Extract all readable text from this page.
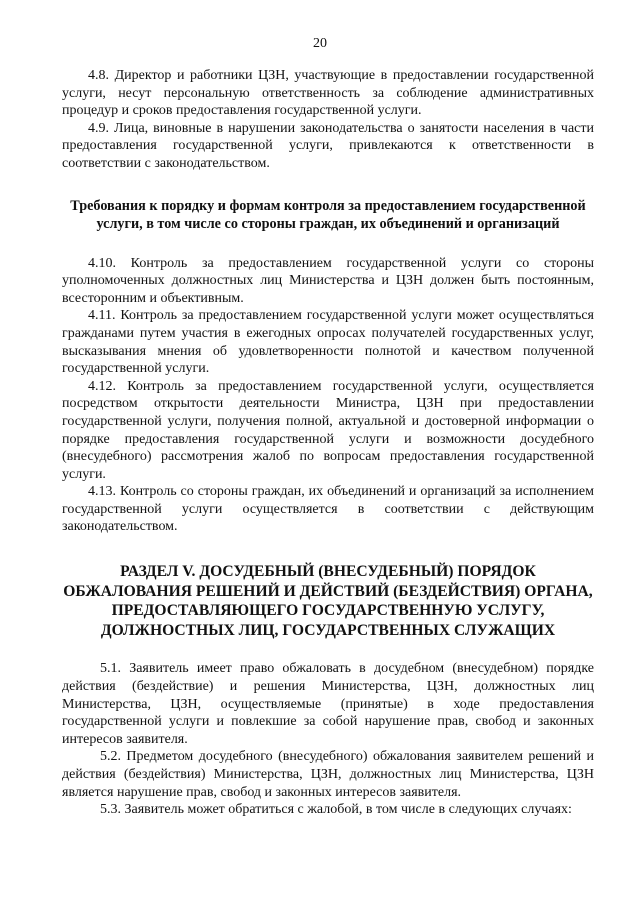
20

4.8. Директор и работники ЦЗН, участвующие в предоставлении государственной услуги, несут персональную ответственность за соблюдение административных процедур и сроков предоставления государственной услуги.

4.9. Лица, виновные в нарушении законодательства о занятости населения в части предоставления государственной услуги, привлекаются к ответственности в соответствии с законодательством.

Требования к порядку и формам контроля за предоставлением государственной услуги, в том числе со стороны граждан, их объединений и организаций

4.10. Контроль за предоставлением государственной услуги со стороны уполномоченных должностных лиц Министерства и ЦЗН должен быть постоянным, всесторонним и объективным.

4.11. Контроль за предоставлением государственной услуги может осуществляться гражданами путем участия в ежегодных опросах получателей государственных услуг, высказывания мнения об удовлетворенности полнотой и качеством полученной государственной услуги.

4.12. Контроль за предоставлением государственной услуги, осуществляется посредством открытости деятельности Министра, ЦЗН при предоставлении государственной услуги, получения полной, актуальной и достоверной информации о порядке предоставления государственной услуги и возможности досудебного (внесудебного) рассмотрения жалоб по вопросам предоставления государственной услуги.

4.13. Контроль со стороны граждан, их объединений и организаций за исполнением государственной услуги осуществляется в соответствии с действующим законодательством.

РАЗДЕЛ V. ДОСУДЕБНЫЙ (ВНЕСУДЕБНЫЙ) ПОРЯДОК ОБЖАЛОВАНИЯ РЕШЕНИЙ И ДЕЙСТВИЙ (БЕЗДЕЙСТВИЯ) ОРГАНА, ПРЕДОСТАВЛЯЮЩЕГО ГОСУДАРСТВЕННУЮ УСЛУГУ, ДОЛЖНОСТНЫХ ЛИЦ, ГОСУДАРСТВЕННЫХ СЛУЖАЩИХ

5.1. Заявитель имеет право обжаловать в досудебном (внесудебном) порядке действия (бездействие) и решения Министерства, ЦЗН, должностных лиц Министерства, ЦЗН, осуществляемые (принятые) в ходе предоставления государственной услуги и повлекшие за собой нарушение прав, свобод и законных интересов заявителя.

5.2. Предметом досудебного (внесудебного) обжалования заявителем решений и действия (бездействия) Министерства, ЦЗН, должностных лиц Министерства, ЦЗН является нарушение прав, свобод и законных интересов заявителя.

5.3. Заявитель может обратиться с жалобой, в том числе в следующих случаях:
